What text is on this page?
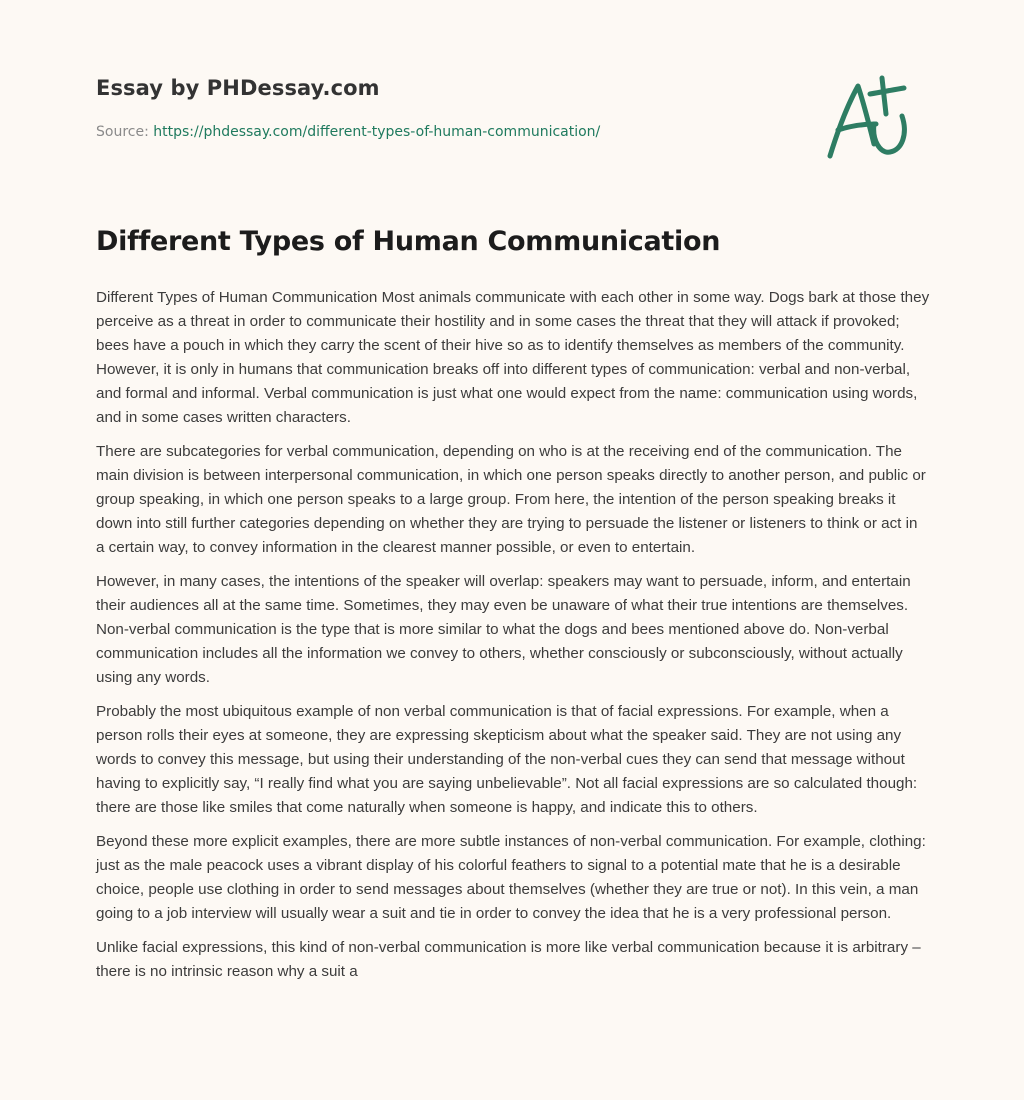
Essay by PHDessay.com
Source: https://phdessay.com/different-types-of-human-communication/
Different Types of Human Communication

Different Types of Human Communication Most animals communicate with each other in some way. Dogs bark at those they perceive as a threat in order to communicate their hostility and in some cases the threat that they will attack if provoked; bees have a pouch in which they carry the scent of their hive so as to identify themselves as members of the community. However, it is only in humans that communication breaks off into different types of communication: verbal and non-verbal, and formal and informal. Verbal communication is just what one would expect from the name: communication using words, and in some cases written characters.

There are subcategories for verbal communication, depending on who is at the receiving end of the communication. The main division is between interpersonal communication, in which one person speaks directly to another person, and public or group speaking, in which one person speaks to a large group. From here, the intention of the person speaking breaks it down into still further categories depending on whether they are trying to persuade the listener or listeners to think or act in a certain way, to convey information in the clearest manner possible, or even to entertain.

However, in many cases, the intentions of the speaker will overlap: speakers may want to persuade, inform, and entertain their audiences all at the same time. Sometimes, they may even be unaware of what their true intentions are themselves. Non-verbal communication is the type that is more similar to what the dogs and bees mentioned above do. Non-verbal communication includes all the information we convey to others, whether consciously or subconsciously, without actually using any words.

Probably the most ubiquitous example of non verbal communication is that of facial expressions. For example, when a person rolls their eyes at someone, they are expressing skepticism about what the speaker said. They are not using any words to convey this message, but using their understanding of the non-verbal cues they can send that message without having to explicitly say, “I really find what you are saying unbelievable”. Not all facial expressions are so calculated though: there are those like smiles that come naturally when someone is happy, and indicate this to others.

Beyond these more explicit examples, there are more subtle instances of non-verbal communication. For example, clothing: just as the male peacock uses a vibrant display of his colorful feathers to signal to a potential mate that he is a desirable choice, people use clothing in order to send messages about themselves (whether they are true or not). In this vein, a man going to a job interview will usually wear a suit and tie in order to convey the idea that he is a very professional person.

Unlike facial expressions, this kind of non-verbal communication is more like verbal communication because it is arbitrary – there is no intrinsic reason why a suit a
